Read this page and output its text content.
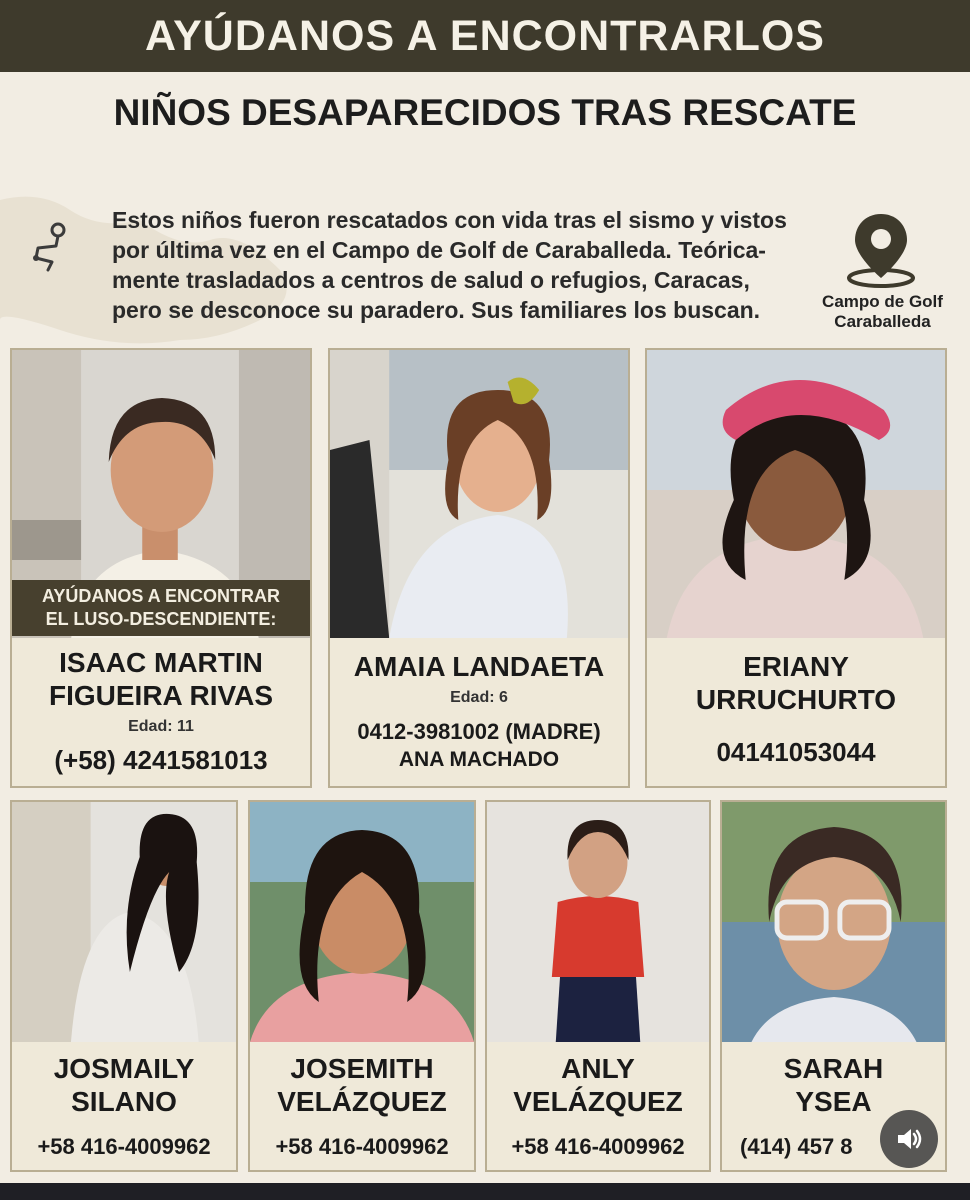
AYÚDANOS A ENCONTRARLOS
NIÑOS DESAPARECIDOS TRAS RESCATE
Estos niños fueron rescatados con vida tras el sismo y vistos
por última vez en el Campo de Golf de Caraballeda. Teórica-
mente trasladados a centros de salud o refugios, Caracas,
pero se desconoce su paradero. Sus familiares los buscan.	Campo de Golf
Caraballeda
AYÚDANOS A ENCONTRAR
EL LUSO-DESCENDIENTE:
ISAAC MARTIN
FIGUEIRA RIVAS
Edad: 11
(+58) 4241581013
AMAIA LANDAETA
Edad: 6
0412-3981002 (MADRE)
ANA MACHADO
ERIANY
URRUCHURTO
04141053044
JOSMAILY
SILANO
+58 416-4009962
JOSEMITH
VELÁZQUEZ
+58 416-4009962
ANLY
VELÁZQUEZ
+58 416-4009962
SARAH
YSEA
(414) 457 8
